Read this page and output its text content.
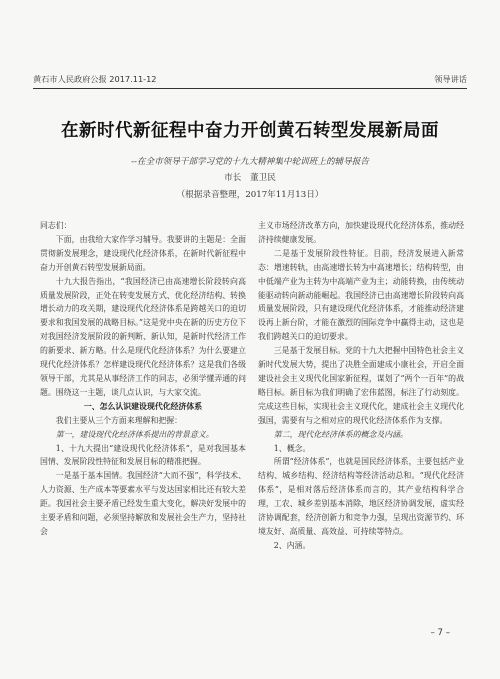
黄石市人民政府公报 2017.11-12	领导讲话
在新时代新征程中奋力开创黄石转型发展新局面
--在全市领导干部学习党的十九大精神集中轮训班上的辅导报告
市长 董卫民
（根据录音整理，2017年11月13日）

同志们：

下面，由我给大家作学习辅导。我要讲的主题是：全面贯彻新发展理念，建设现代化经济体系，在新时代新征程中奋力开创黄石转型发展新局面。

十九大报告指出，“我国经济已由高速增长阶段转向高质量发展阶段，正处在转变发展方式、优化经济结构、转换增长动力的攻关期，建设现代化经济体系是跨越关口的迫切要求和我国发展的战略目标。”这是党中央在新的历史方位下对我国经济发展阶段的新判断、新认知，是新时代经济工作的新要求、新方略。什么是现代化经济体系？为什么要建立现代化经济体系？怎样建设现代化经济体系？这是我们各级领导干部，尤其是从事经济工作的同志，必须学懂弄通的问题。围绕这一主题，谈几点认识，与大家交流。

一、怎么认识建设现代化经济体系

我们主要从三个方面来理解和把握：

第一，建设现代化经济体系提出的背景意义。

1、十九大提出“建设现代化经济体系”，是对我国基本国情、发展阶段性特征和发展目标的精准把握。

一是基于基本国情。我国经济“大而不强”，科学技术、人力资源、生产成本等要素水平与发达国家相比还有较大差距。我国社会主要矛盾已经发生重大变化，解决好发展中的主要矛盾和问题，必须坚持解放和发展社会生产力，坚持社会

主义市场经济改革方向，加快建设现代化经济体系，推动经济持续健康发展。

二是基于发展阶段性特征。目前，经济发展进入新常态：增速转轨，由高速增长转为中高速增长；结构转型，由中低端产业为主转为中高端产业为主；动能转换，由传统动能驱动转向新动能崛起。我国经济已由高速增长阶段转向高质量发展阶段，只有建设现代化经济体系，才能推动经济建设再上新台阶，才能在激烈的国际竞争中赢得主动，这也是我们跨越关口的迫切要求。

三是基于发展目标。党的十九大把握中国特色社会主义新时代发展大势，提出了决胜全面建成小康社会，开启全面建设社会主义现代化国家新征程，谋划了“两个一百年”的战略目标。新目标为我们明确了宏伟蓝图，标注了行动刻度。完成这些目标，实现社会主义现代化，建成社会主义现代化强国，需要有与之相对应的现代化经济体系作为支撑。

第二，现代化经济体系的概念及内涵。

1、概念。

所谓“经济体系”，也就是国民经济体系，主要包括产业结构、城乡结构、经济结构等经济活动总和。“现代化经济体系”，是相对落后经济体系而言的，其产业结构科学合理，工农、城乡差别基本消除，地区经济协调发展，虚实经济协调配套，经济创新力和竞争力强，呈现出资源节约、环境友好、高质量、高效益、可持续等特点。

2、内涵。

– 7 –
